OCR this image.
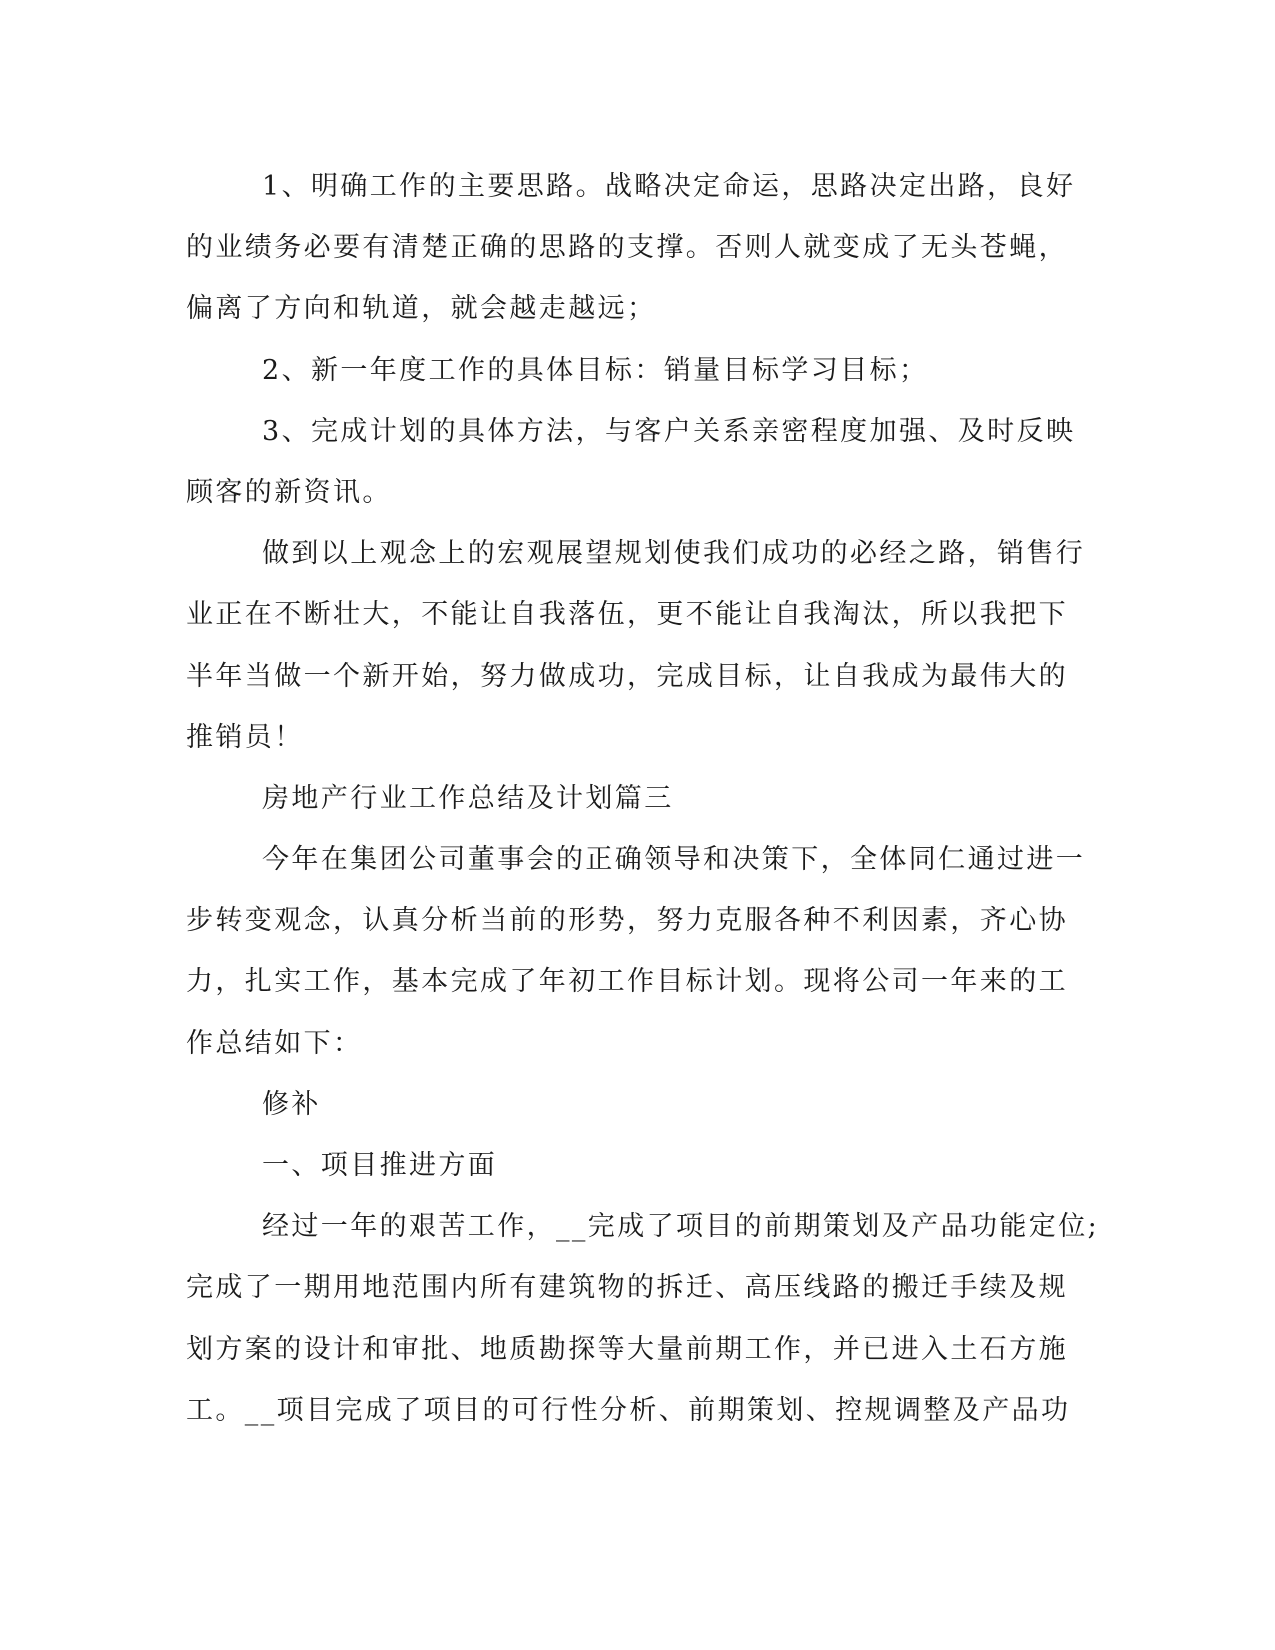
1、明确工作的主要思路。战略决定命运，思路决定出路，良好
的业绩务必要有清楚正确的思路的支撑。否则人就变成了无头苍蝇，
偏离了方向和轨道，就会越走越远；
2、新一年度工作的具体目标：销量目标学习目标；
3、完成计划的具体方法，与客户关系亲密程度加强、及时反映
顾客的新资讯。
做到以上观念上的宏观展望规划使我们成功的必经之路，销售行
业正在不断壮大，不能让自我落伍，更不能让自我淘汰，所以我把下
半年当做一个新开始，努力做成功，完成目标，让自我成为最伟大的
推销员！
房地产行业工作总结及计划篇三
今年在集团公司董事会的正确领导和决策下，全体同仁通过进一
步转变观念，认真分析当前的形势，努力克服各种不利因素，齐心协
力，扎实工作，基本完成了年初工作目标计划。现将公司一年来的工
作总结如下：
修补
一、项目推进方面
经过一年的艰苦工作，__完成了项目的前期策划及产品功能定位;
完成了一期用地范围内所有建筑物的拆迁、高压线路的搬迁手续及规
划方案的设计和审批、地质勘探等大量前期工作，并已进入土石方施
工。__项目完成了项目的可行性分析、前期策划、控规调整及产品功
